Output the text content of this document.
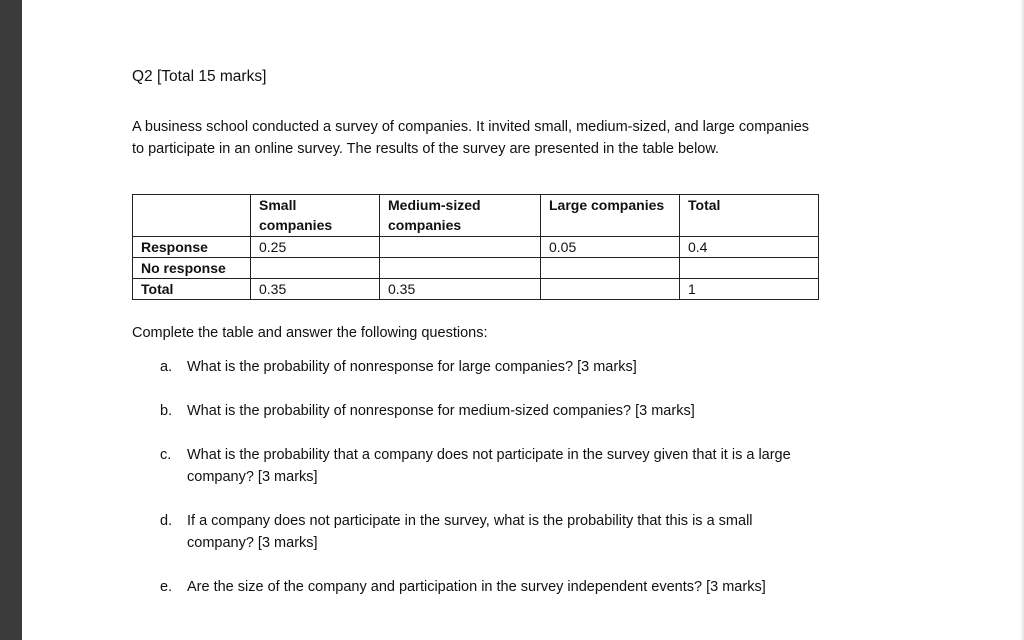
Q2 [Total 15 marks]
A business school conducted a survey of companies. It invited small, medium-sized, and large companies to participate in an online survey. The results of the survey are presented in the table below.
	Small companies	Medium-sized companies	Large companies	Total
Response	0.25		0.05	0.4
No response				
Total	0.35	0.35		1
Complete the table and answer the following questions:
a.	What is the probability of nonresponse for large companies? [3 marks]
b.	What is the probability of nonresponse for medium-sized companies? [3 marks]
c.	What is the probability that a company does not participate in the survey given that it is a large company? [3 marks]
d.	If a company does not participate in the survey, what is the probability that this is a small company? [3 marks]
e.	Are the size of the company and participation in the survey independent events? [3 marks]
